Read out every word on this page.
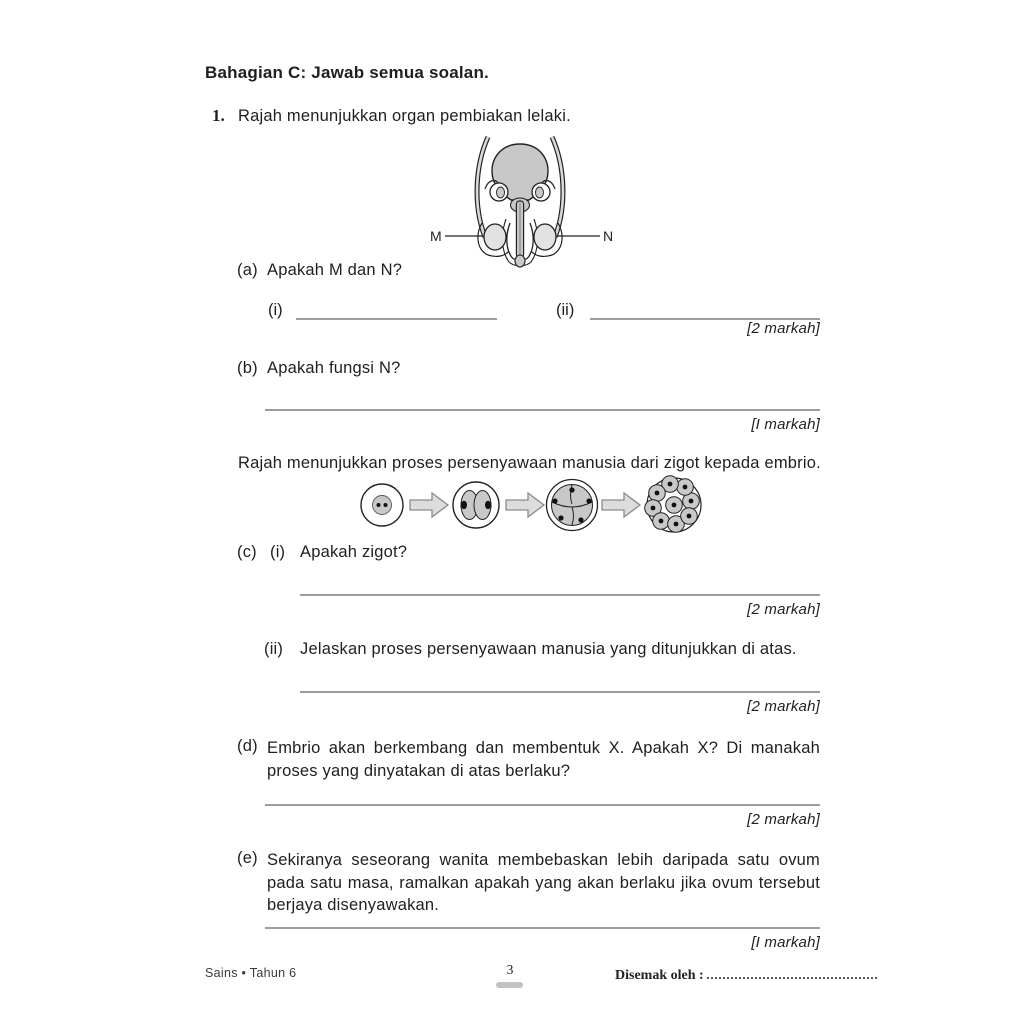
Bahagian C: Jawab semua soalan.
1. Rajah menunjukkan organ pembiakan lelaki.
M	N
(a) Apakah M dan N?
(i)	(ii)
[2 markah]
(b) Apakah fungsi N?
[I markah]
Rajah menunjukkan proses persenyawaan manusia dari zigot kepada embrio.
(c) (i) Apakah zigot?
[2 markah]
(ii) Jelaskan proses persenyawaan manusia yang ditunjukkan di atas.
[2 markah]
(d) Embrio akan berkembang dan membentuk X. Apakah X? Di manakah proses yang dinyatakan di atas berlaku?
[2 markah]
(e) Sekiranya seseorang wanita membebaskan lebih daripada satu ovum pada satu masa, ramalkan apakah yang akan berlaku jika ovum tersebut berjaya disenyawakan.
[I markah]
Sains • Tahun 6	3	Disemak oleh :
